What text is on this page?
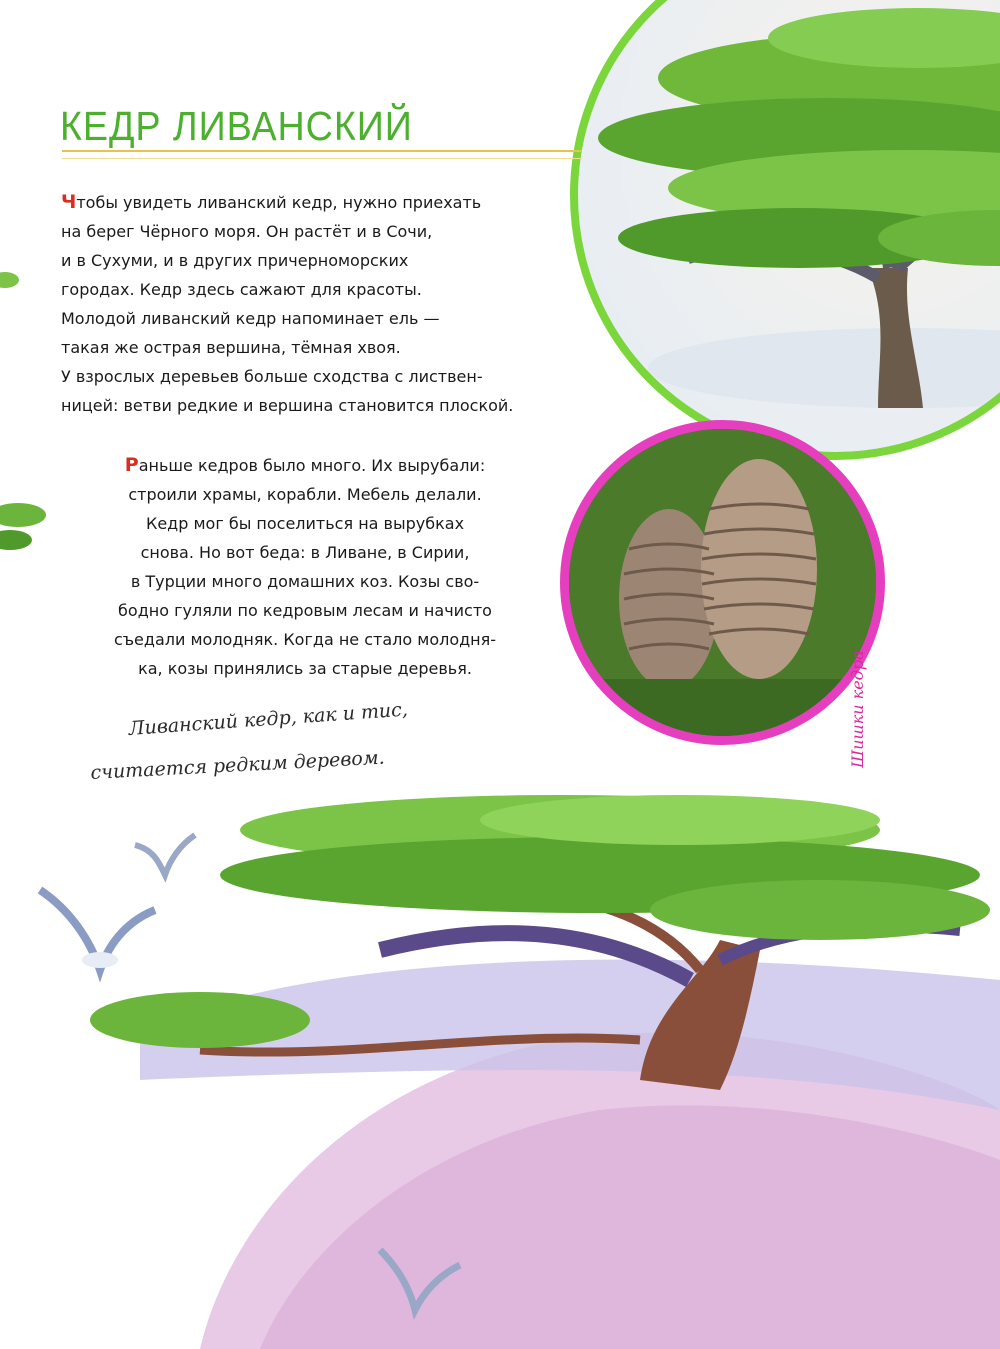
КЕДР ЛИВАНСКИЙ

Чтобы увидеть ливанский кедр, нужно приехать
на берег Чёрного моря. Он растёт и в Сочи,
и в Сухуми, и в других причерноморских
городах. Кедр здесь сажают для красоты.
Молодой ливанский кедр напоминает ель —
такая же острая вершина, тёмная хвоя.
У взрослых деревьев больше сходства с листвен-
ницей: ветви редкие и вершина становится плоской.

Раньше кедров было много. Их вырубали:
строили храмы, корабли. Мебель делали.
Кедр мог бы поселиться на вырубках
снова. Но вот беда: в Ливане, в Сирии,
в Турции много домашних коз. Козы сво-
бодно гуляли по кедровым лесам и начисто
съедали молодняк. Когда не стало молодня-
ка, козы принялись за старые деревья.

Ливанский кедр, как и тис,

считается редким деревом.	Шишки кедра
